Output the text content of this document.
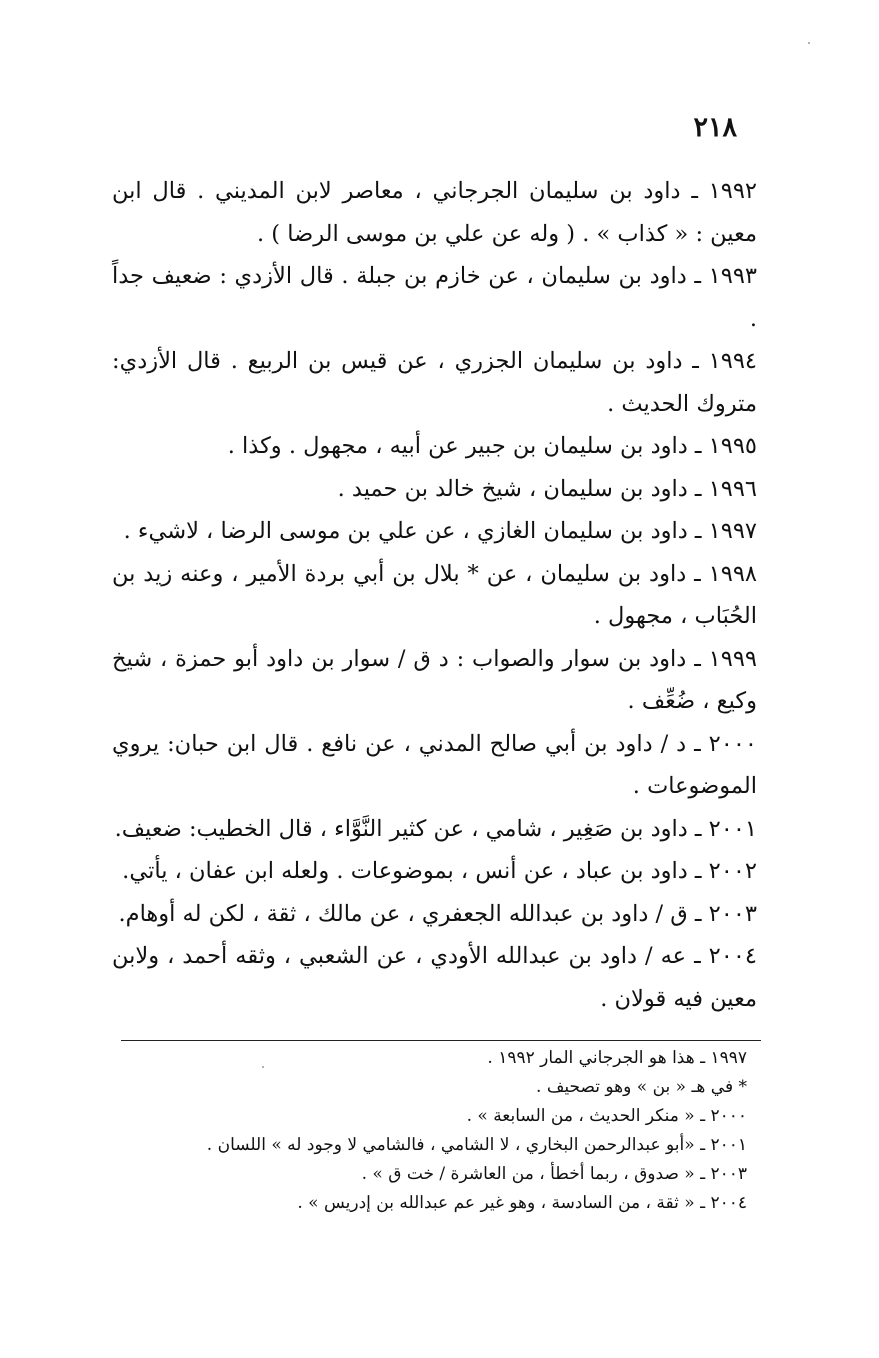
٢١٨

١٩٩٢ ـ داود بن سليمان الجرجاني ، معاصر لابن المديني . قال ابن معين : « كذاب » . ( وله عن علي بن موسى الرضا ) .

١٩٩٣ ـ داود بن سليمان ، عن خازم بن جبلة . قال الأزدي : ضعيف جداً .

١٩٩٤ ـ داود بن سليمان الجزري ، عن قيس بن الربيع . قال الأزدي: متروك الحديث .

١٩٩٥ ـ داود بن سليمان بن جبير عن أبيه ، مجهول . وكذا .

١٩٩٦ ـ داود بن سليمان ، شيخ خالد بن حميد .

١٩٩٧ ـ داود بن سليمان الغازي ، عن علي بن موسى الرضا ، لاشيء .

١٩٩٨ ـ داود بن سليمان ، عن * بلال بن أبي بردة الأمير ، وعنه زيد بن الحُبَاب ، مجهول .

١٩٩٩ ـ داود بن سوار والصواب : د ق / سوار بن داود أبو حمزة ، شيخ وكيع ، ضُعِّف .

٢٠٠٠ ـ د / داود بن أبي صالح المدني ، عن نافع . قال ابن حبان: يروي الموضوعات .

٢٠٠١ ـ داود بن صَغِير ، شامي ، عن كثير النَّوَّاء ، قال الخطيب: ضعيف.

٢٠٠٢ ـ داود بن عباد ، عن أنس ، بموضوعات . ولعله ابن عفان ، يأتي.

٢٠٠٣ ـ ق / داود بن عبدالله الجعفري ، عن مالك ، ثقة ، لكن له أوهام.

٢٠٠٤ ـ عه / داود بن عبدالله الأودي ، عن الشعبي ، وثقه أحمد ، ولابن معين فيه قولان .

١٩٩٧ ـ هذا هو الجرجاني المار ١٩٩٢ .

* في هـ « بن » وهو تصحيف .

٢٠٠٠ ـ « منكر الحديث ، من السابعة » .

٢٠٠١ ـ «أبو عبدالرحمن البخاري ، لا الشامي ، فالشامي لا وجود له » اللسان .

٢٠٠٣ ـ « صدوق ، ربما أخطأ ، من العاشرة / خت ق » .

٢٠٠٤ ـ « ثقة ، من السادسة ، وهو غير عم عبدالله بن إدريس » .
